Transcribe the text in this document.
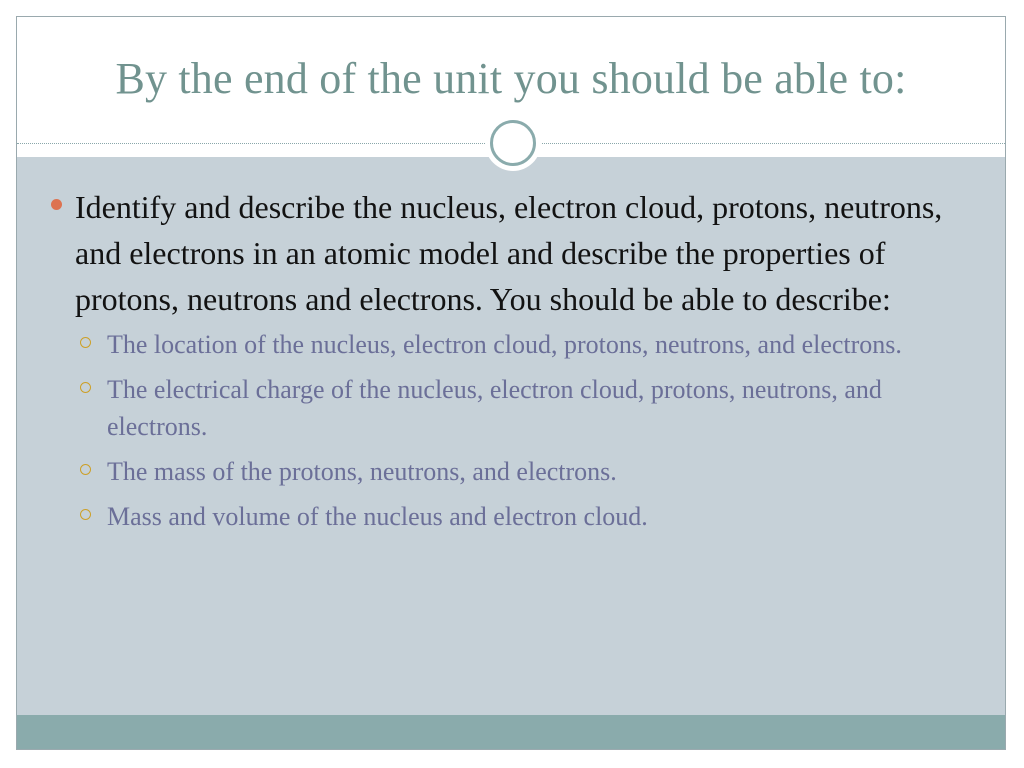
By the end of the unit you should be able to:
Identify and describe the nucleus, electron cloud, protons, neutrons, and electrons in an atomic model and describe the properties of protons, neutrons and electrons. You should be able to describe:
The location of the nucleus, electron cloud, protons, neutrons, and electrons.
The electrical charge of the nucleus, electron cloud, protons, neutrons, and electrons.
The mass of the protons, neutrons, and electrons.
Mass and volume of the nucleus and electron cloud.
